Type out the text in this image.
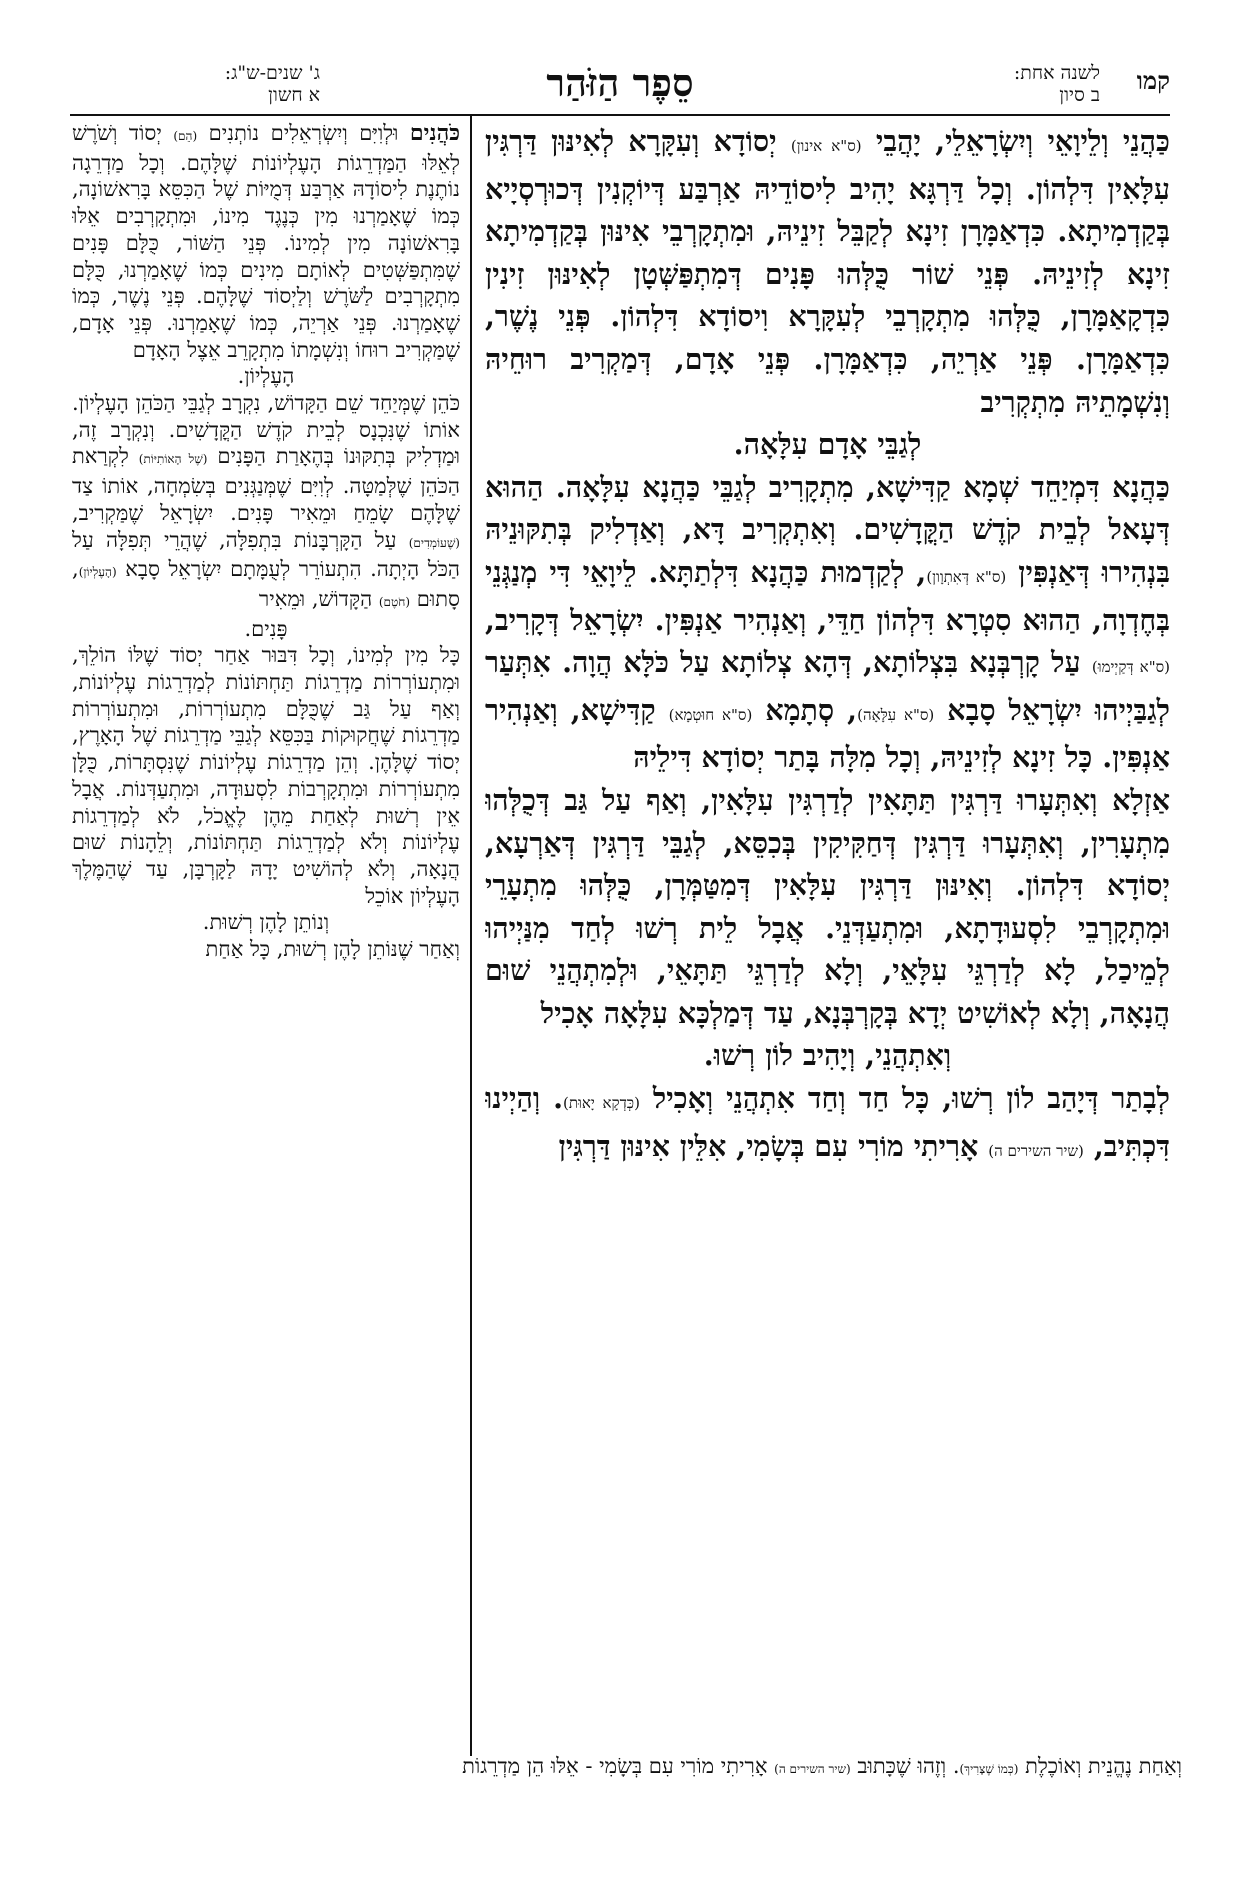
קמו
לשנה אחת:
ב סיון
סֵפֶר הַזֹּהַר
ג' שנים-ש"ג:
א חשון

כַּהֲנֵי וְלֵיוָאֵי וְיִשְׂרָאֵלֵי, יָהֲבֵי (ס"א אינון) יְסוֹדָא וְעִקָּרָא לְאִינּוּן דַּרְגִּין עִלָּאִין דִּלְהוֹן. וְכָל דַּרְגָּא יָהִיב לִיסוֹדֵיהּ אַרְבַּע דְּיוֹקְנִין דְּכוּרְסְיָיא בְּקַדְמִיתָא. כִּדְאַמָּרָן זִינָא לְקַבֵּל זִינֵיהּ, וּמִתְקָרְבֵי אִינּוּן בְּקַדְמִיתָא זִינָא לְזִינֵיהּ. פְּנֵי שׁוֹר כֻּלְּהוּ פָּנִים דְּמִתְפַּשְּׁטָן לְאִינּוּן זִינִין כִּדְקָאַמָּרָן, כֻּלְּהוּ מִתְקָרְבֵי לְעִקָּרָא וִיסוֹדָא דִּלְהוֹן. פְּנֵי נֶשֶׁר, כִּדְאַמָּרָן. פְּנֵי אַרְיֵה, כִּדְאַמָּרָן. פְּנֵי אָדָם, דְּמַקְרִיב רוּחֵיהּ וְנִשְׁמָתֵיהּ מִתְקְרִיב

לְגַבֵּי אָדָם עִלָּאָה.

כַּהֲנָא דִּמְיַחֵד שְׁמָא קַדִּישָׁא, מִתְקָרִיב לְגַבֵּי כַּהֲנָא עִלָּאָה. הַהוּא דְּעָאל לְבֵית קֹדֶשׁ הַקֳּדָשִׁים. וְאִתְקְרִיב דָּא, וְאַדְלִיק בְּתִקּוּנֵיהּ בִּנְהִירוּ דְּאַנְפִּין (ס"א דְּאִתְוָון), לְקַדְמוּת כַּהֲנָא דִּלְתַתָּא. לֵיוָאֵי דִּי מְנַגְּנֵי בְּחֶדְוָה, הַהוּא סִטְרָא דִּלְהוֹן חַדֵּי, וְאַנְהִיר אַנְפִּין. יִשְׂרָאֵל דְּקָרִיב, (ס"א דְּקַיְימוּ) עַל קָרְבְּנָא בִּצְלוֹתָא, דְּהָא צְלוֹתָא עַל כֹּלָּא הֲוָה. אִתְּעַר לְגַבַּיְיהוּ יִשְׂרָאֵל סָבָא (ס"א עִלָּאָה), סְתָמָא (ס"א חוּטְמָא) קַדִּישָׁא, וְאַנְהִיר אַנְפִּין. כָּל זִינָא לְזִינֵיהּ, וְכָל מִלָּה בָּתַר יְסוֹדָא דִּילֵיהּ

אַזְלָא וְאִתְּעָרוּ דַּרְגִּין תַּתָּאִין לְדַרְגִּין עִלָּאִין, וְאַף עַל גַּב דְּכֻלְּהוּ מִתְעָרִין, וְאִתְּעָרוּ דַּרְגִּין דְּחַקִּיקִין בְּכִסֵּא, לְגַבֵּי דַּרְגִּין דְּאַרְעָא, יְסוֹדָא דִּלְהוֹן. וְאִינּוּן דַּרְגִּין עִלָּאִין דְּמִטַּמְּרָן, כֻּלְּהוּ מִתְעָרֵי וּמִתְקָרְבֵי לִסְעוּדָתָא, וּמִתְעַדְּנֵי. אֲבָל לֵית רְשׁוּ לְחַד מִנַּיְיהוּ לְמֵיכַל, לָא לְדַרְגֵּי עִלָּאֵי, וְלָא לְדַרְגֵּי תַּתָּאֵי, וּלְמִתְהֲנֵי שׁוּם הֲנָאָה, וְלָא לְאוֹשִׁיט יְדָא בְּקָרְבְּנָא, עַד דְּמַלְכָּא עִלָּאָה אָכִיל

וְאִתְהֲנֵי, וְיָהִיב לוֹן רְשׁוּ.

לְבָתַר דְּיָהַב לוֹן רְשׁוּ, כָּל חַד וְחַד אִתְהֲנֵי וְאָכִיל (כְּדְקָא יָאוּת). וְהַיְינוּ דִּכְתִּיב, (שיר השירים ה) אָרִיתִי מוֹרִי עִם בְּשָׂמִי, אִלֵּין אִינּוּן דַּרְגִּין

כֹּהֲנִים וּלְוִיִּם וְיִשְׂרְאֵלִים נוֹתְנִים (הֵם) יְסוֹד וְשֹׁרֶשׁ לְאֵלּוּ הַמַּדְרֵגוֹת הָעֶלְיוֹנוֹת שֶׁלָּהֶם. וְכָל מַדְרֵגָה נוֹתֶנֶת לִיסוֹדָהּ אַרְבַּע דְּמֻיּוֹת שֶׁל הַכִּסֵּא בָּרִאשׁוֹנָה, כְּמוֹ שֶׁאָמַרְנוּ מִין כְּנֶגֶד מִינוֹ, וּמִתְקָרְבִים אֵלּוּ בָּרִאשׁוֹנָה מִין לְמִינוֹ. פְּנֵי הַשּׁוֹר, כֻּלָּם פָּנִים שֶׁמִּתְפַּשְּׁטִים לְאוֹתָם מִינִים כְּמוֹ שֶׁאָמַרְנוּ, כֻּלָּם מִתְקָרְבִים לַשֹּׁרֶשׁ וְלַיְסוֹד שֶׁלָּהֶם. פְּנֵי נֶשֶׁר, כְּמוֹ שֶׁאָמַרְנוּ. פְּנֵי אַרְיֵה, כְּמוֹ שֶׁאָמַרְנוּ. פְּנֵי אָדָם, שֶׁמַּקְרִיב רוּחוֹ וְנִשְׁמָתוֹ מִתְקָרֵב אֵצֶל הָאָדָם

הָעֶלְיוֹן.

כֹּהֵן שֶׁמְּיַחֵד שֵׁם הַקָּדוֹשׁ, נִקְרָב לְגַבֵּי הַכֹּהֵן הָעֶלְיוֹן. אוֹתוֹ שֶׁנִּכְנָס לְבֵית קֹדֶשׁ הַקֳּדָשִׁים. וְנִקְרָב זֶה, וּמַדְלִיק בְּתִקּוּנוֹ בְּהֶאָרַת הַפָּנִים (שֶׁל הָאוֹתִיּוֹת) לִקְרַאת הַכֹּהֵן שֶׁלְּמַטָּה. לְוִיִּם שֶׁמְּנַגְּנִים בְּשִׂמְחָה, אוֹתוֹ צַד שֶׁלָּהֶם שָׂמֵחַ וּמֵאִיר פָּנִים. יִשְׂרָאֵל שֶׁמַּקְרִיב, (שֶׁעוֹמְדִים) עַל הַקָּרְבָּנוֹת בִּתְפִלָּה, שֶׁהֲרֵי תְּפִלָּה עַל הַכֹּל הָיְתָה. הִתְעוֹרֵר לְעֻמָּתָם יִשְׂרָאֵל סָבָא (הָעֶלְיוֹן), סָתוּם (חֹטֶם) הַקָּדוֹשׁ, וּמֵאִיר

פָּנִים.

כָּל מִין לְמִינוֹ, וְכָל דִּבּוּר אַחַר יְסוֹד שֶׁלּוֹ הוֹלֵךְ, וּמִתְעוֹרְרוֹת מַדְרֵגוֹת תַּחְתּוֹנוֹת לְמַדְרֵגוֹת עֶלְיוֹנוֹת, וְאַף עַל גַּב שֶׁכֻּלָּם מִתְעוֹרְרוֹת, וּמִתְעוֹרְרוֹת מַדְרֵגוֹת שֶׁחֲקוּקוֹת בַּכִּסֵּא לְגַבֵּי מַדְרֵגוֹת שֶׁל הָאָרֶץ, יְסוֹד שֶׁלָּהֶן. וְהֵן מַדְרֵגוֹת עֶלְיוֹנוֹת שֶׁנִּסְתָּרוֹת, כֻּלָּן מִתְעוֹרְרוֹת וּמִתְקָרְבוֹת לִסְעוּדָה, וּמִתְעַדְּנוֹת. אֲבָל אֵין רְשׁוּת לְאַחַת מֵהֶן לֶאֱכֹל, לֹא לְמַדְרֵגוֹת עֶלְיוֹנוֹת וְלֹא לְמַדְרֵגוֹת תַּחְתּוֹנוֹת, וְלֵהָנוֹת שׁוּם הֲנָאָה, וְלֹא לְהוֹשִׁיט יָדָהּ לַקָּרְבָּן, עַד שֶׁהַמֶּלֶךְ הָעֶלְיוֹן אוֹכֵל

וְנוֹתֵן לָהֶן רְשׁוּת.

וְאַחַר שֶׁנּוֹתֵן לָהֶן רְשׁוּת, כָּל אַחַת

וְאַחַת נֶהֱנֵית וְאוֹכֶלֶת (כְּמוֹ שֶׁצָּרִיךְ). וְזֶהוּ שֶׁכָּתוּב (שיר השירים ה) אָרִיתִי מוֹרִי עִם בְּשָׂמִי - אֵלּוּ הֵן מַדְרֵגוֹת
